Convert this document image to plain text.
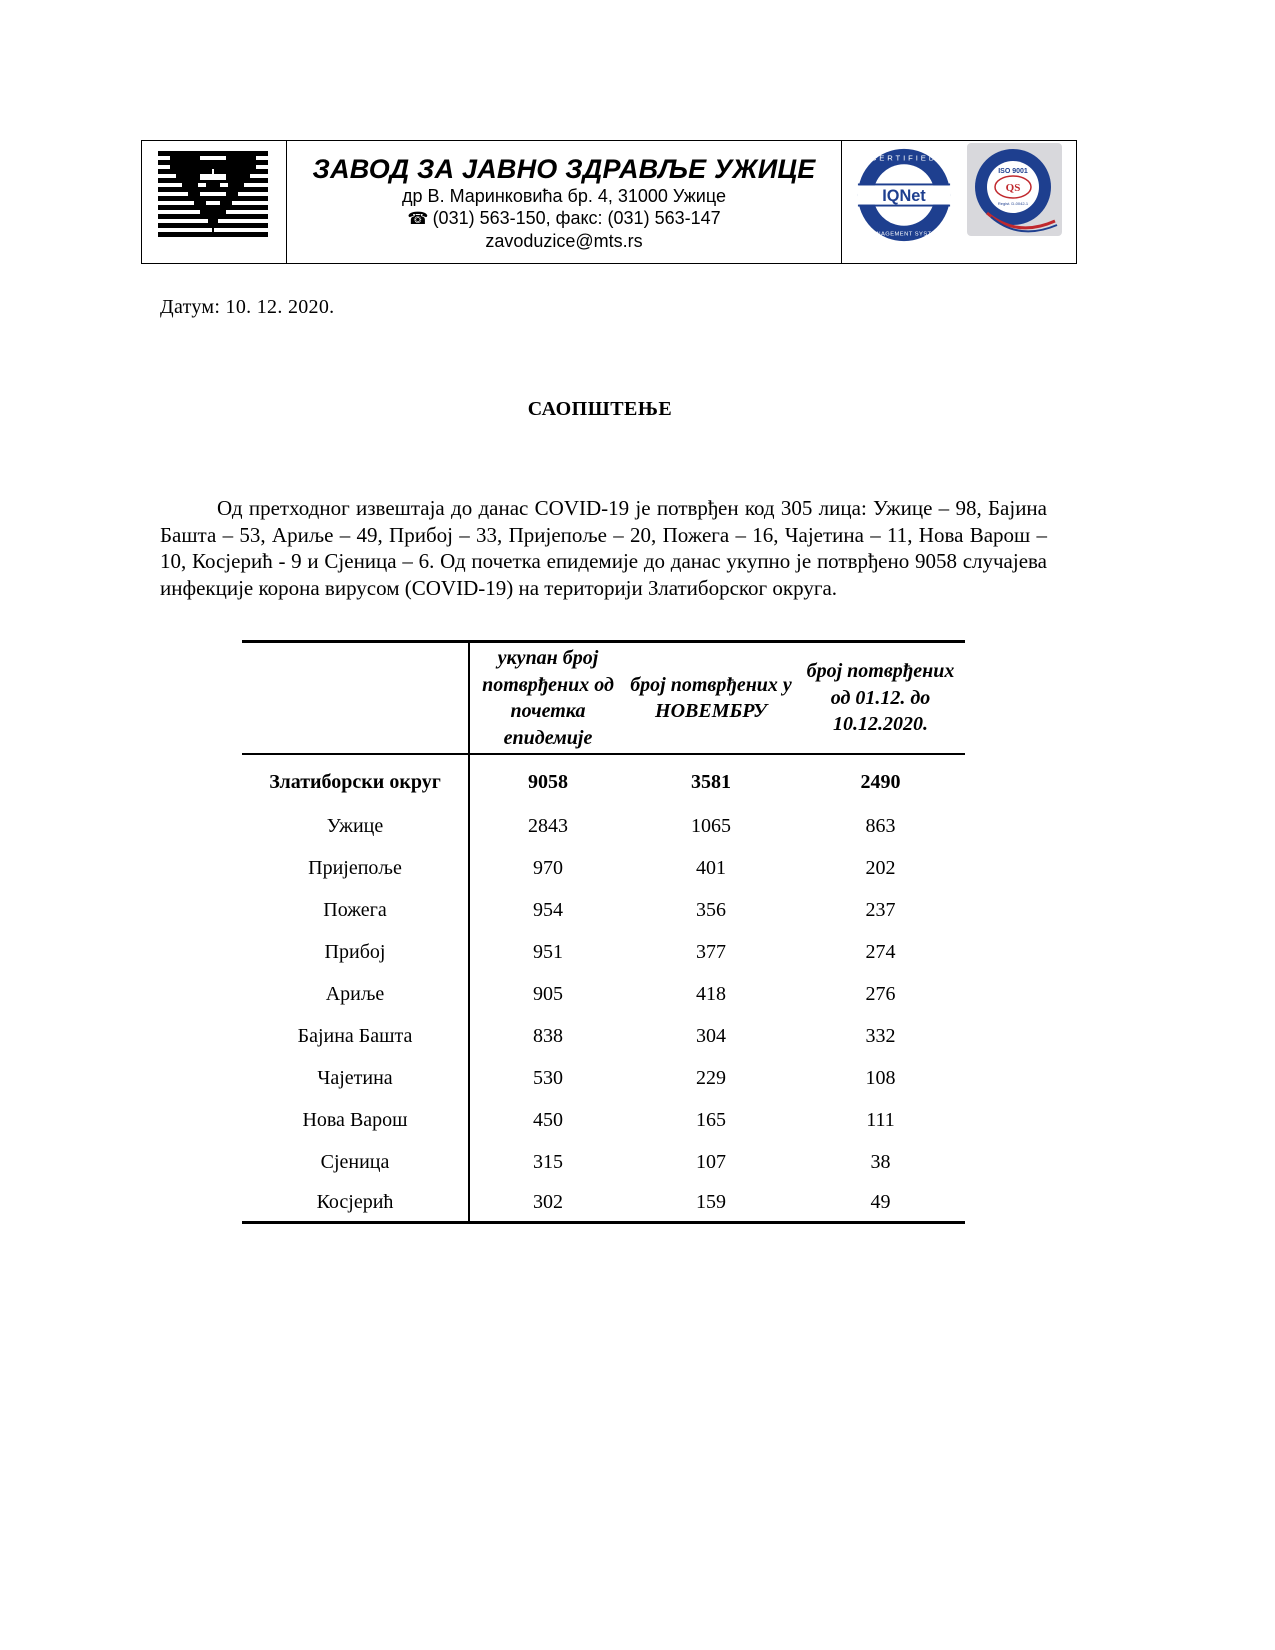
ЗАВОД ЗА ЈАВНО ЗДРАВЉЕ УЖИЦЕ
др В. Маринковића бр. 4, 31000 Ужице
☎ (031) 563-150, факс: (031) 563-147
zavoduzice@mts.rs
IQNet
CERTIFIED
MANAGEMENT SYSTEM
QS
ISO 9001
Regist. D-0042-1
Датум: 10. 12. 2020.
САОПШТЕЊЕ

Од претходног извештаја до данас COVID-19 је потврђен код 305 лица: Ужице – 98, Бајина Башта – 53, Ариље – 49, Прибој – 33, Пријепоље – 20, Пожега – 16, Чајетина – 11, Нова Варош – 10, Косјерић - 9 и Сјеница – 6. Од почетка епидемије до данас укупно је потврђено 9058 случајева инфекције корона вирусом (COVID-19) на територији Златиборског округа.

	укупан број потврђених од почетка епидемије	број потврђених у НОВЕМБРУ	број потврђених од 01.12. до 10.12.2020.
Златиборски округ	9058	3581	2490
Ужице	2843	1065	863
Пријепоље	970	401	202
Пожега	954	356	237
Прибој	951	377	274
Ариље	905	418	276
Бајина Башта	838	304	332
Чајетина	530	229	108
Нова Варош	450	165	111
Сјеница	315	107	38
Косјерић	302	159	49
